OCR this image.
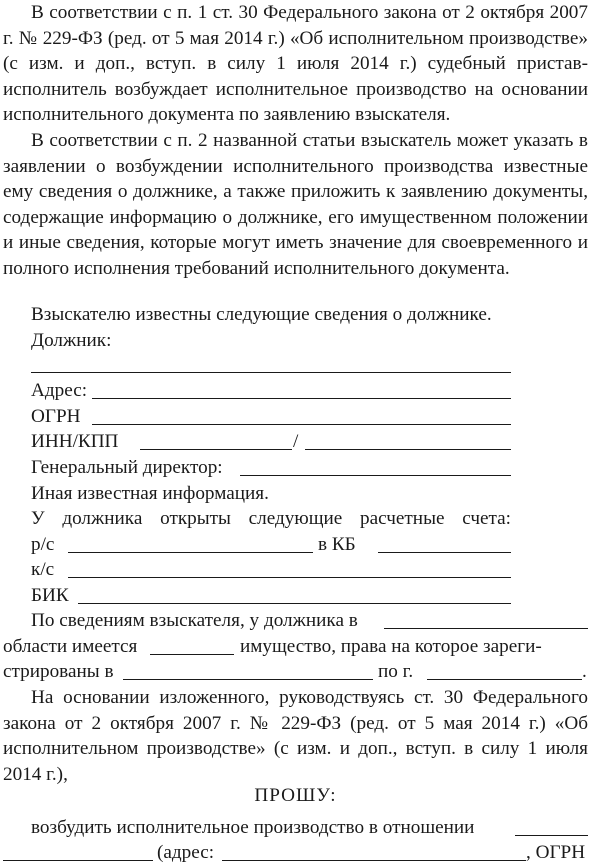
В соответствии с п. 1 ст. 30 Федерального закона от 2 октября 2007 г. № 229-ФЗ (ред. от 5 мая 2014 г.) «Об исполнительном производстве» (с изм. и доп., вступ. в силу 1 июля 2014 г.) судебный пристав-исполнитель возбуждает исполнительное производство на основании исполнительного документа по заявлению взыскателя.

В соответствии с п. 2 названной статьи взыскатель может указать в заявлении о возбуждении исполнительного производства известные ему сведения о должнике, а также приложить к заявлению документы, содержащие информацию о должнике, его имущественном положении и иные сведения, которые могут иметь значение для своевременного и полного исполнения требований исполнительного документа.

Взыскателю известны следующие сведения о должнике.
Должник:
Адрес:
ОГРН
ИНН/КПП	/
Генеральный директор:
Иная известная информация.
У должника открыты следующие расчетные счета:
р/с	в КБ
к/с
БИК
По сведениям взыскателя, у должника в
области имеется	имущество, права на которое зареги-
стрированы в	по г.	.

На основании изложенного, руководствуясь ст. 30 Федерального закона от 2 октября 2007 г. № 229-ФЗ (ред. от 5 мая 2014 г.) «Об исполнительном производстве» (с изм. и доп., вступ. в силу 1 июля 2014 г.),

ПРОШУ:
возбудить исполнительное производство в отношении
(адрес:	, ОГРН
